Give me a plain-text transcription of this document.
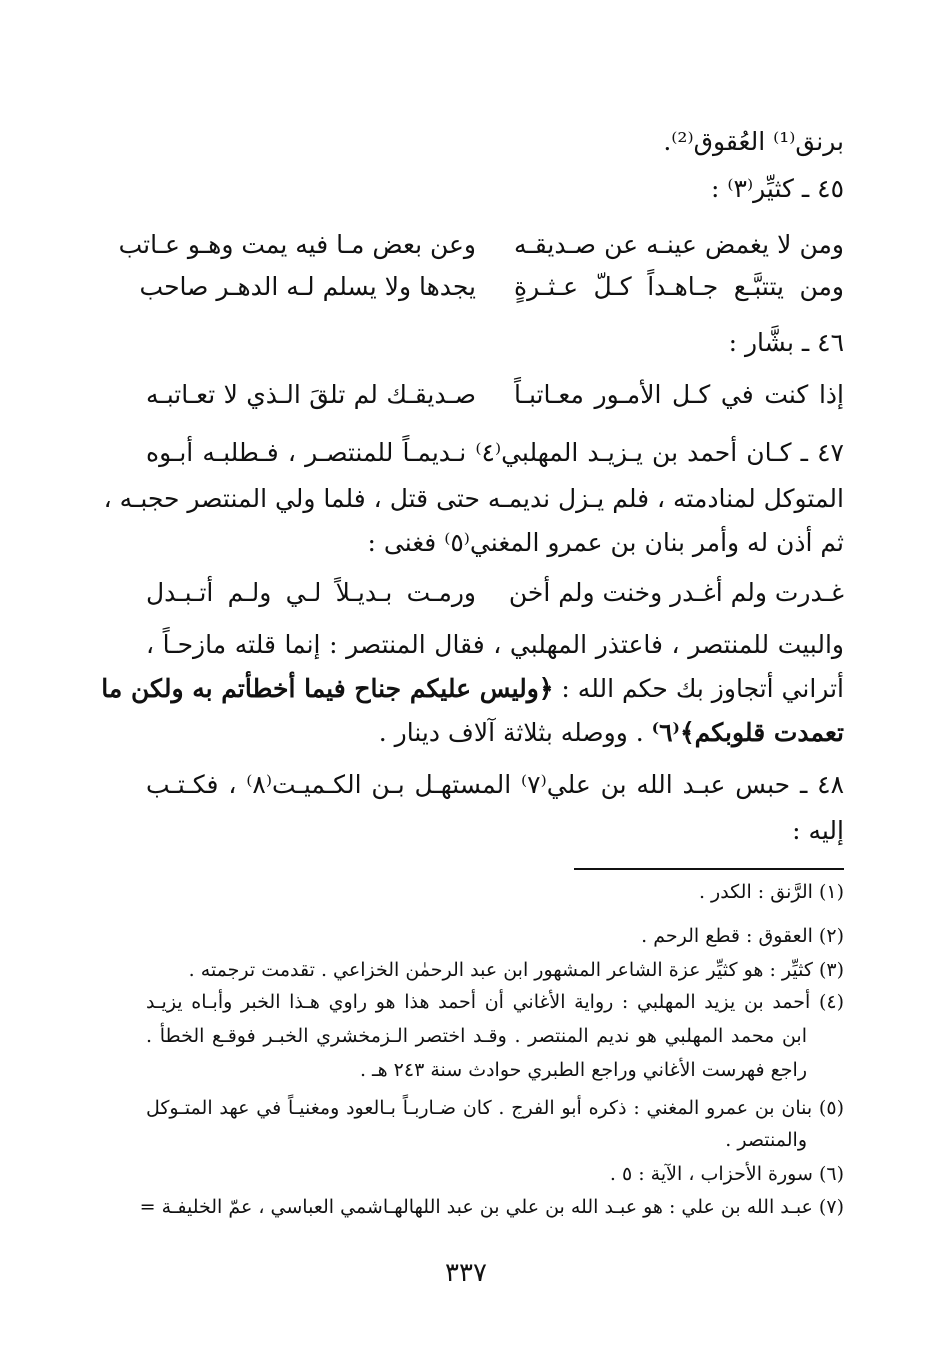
برنق⁽¹⁾ العُقوق⁽²⁾.
٤٥ ـ كثيِّر⁽٣⁾ :
ومن لا يغمض عينـه عن صـديقـه
وعن بعض مـا فيه يمت وهـو عـاتب
ومن يتتبَّـع جـاهـداً كـلّ عـثـرةٍ
يجدها ولا يسلم لـه الدهـر صاحب
٤٦ ـ بشَّار :
إذا كنت في كـل الأمـور معـاتبـاً
صـديقـك لم تلقَ الـذي لا تعـاتبـه
٤٧ ـ كـان أحمد بن يـزيـد المهلبي⁽٤⁾ نـديمـاً للمنتصـر ، فـطلبـه أبـوه
المتوكل لمنادمته ، فلم يـزل نديمـه حتى قتل ، فلما ولي المنتصر حجبـه ،
ثم أذن له وأمر بنان بن عمرو المغني⁽٥⁾ فغنى :
غـدرت ولم أغـدر وخنت ولم أخن
ورمـت بـديـلاً لـي ولـم أتـبـدل
والبيت للمنتصر ، فاعتذر المهلبي ، فقال المنتصر : إنما قلته مازحـاً ،
أتراني أتجاوز بك حكم الله : ﴿وليس عليكم جناح فيما أخطأتم به ولكن ما
تعمدت قلوبكم﴾⁽٦⁾ . ووصله بثلاثة آلاف دينار .
٤٨ ـ حبس عبـد الله بن علي⁽٧⁾ المستهـل بـن الكـميـت⁽٨⁾ ، فكـتـب
إليه :
(١) الرَّنق : الكدر .
(٢) العقوق : قطع الرحم .
(٣) كثيِّر : هو كثيِّر عزة الشاعر المشهور ابن عبد الرحمٰن الخزاعي . تقدمت ترجمته .
(٤) أحمد بن يزيد المهلبي : رواية الأغاني أن أحمد هذا هو راوي هـذا الخبر وأبـاه يزيـد
ابن محمد المهلبي هو نديم المنتصر . وقـد اختصر الـزمخشري الخبـر فوقـع الخطأ .
راجع فهرست الأغاني وراجع الطبري حوادث سنة ٢٤٣ هـ .
(٥) بنان بن عمرو المغني : ذكره أبو الفرج . كان ضـاربـاً بـالعود ومغنيـاً في عهد المتـوكل
والمنتصر .
(٦) سورة الأحزاب ، الآية : ٥ .
(٧) عبـد الله بن علي : هو عبـد الله بن علي بن عبد اللهالهـاشمي العباسي ، عمّ الخليفـة =
٣٣٧
